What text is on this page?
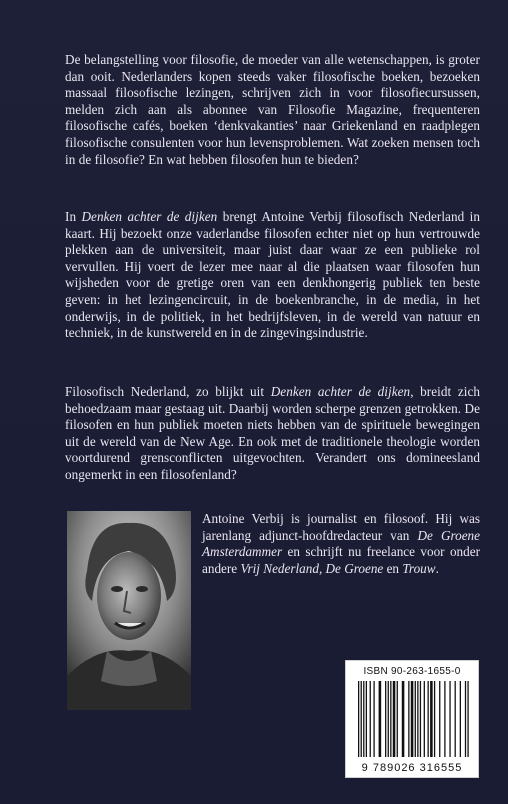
De belangstelling voor filosofie, de moeder van alle wetenschappen, is groter dan ooit. Nederlanders kopen steeds vaker filosofische boeken, bezoeken massaal filosofische lezingen, schrijven zich in voor filosofiecursussen, melden zich aan als abonnee van Filosofie Magazine, frequenteren filosofische cafés, boeken ‘denkvakanties’ naar Griekenland en raadplegen filosofische consulenten voor hun levensproblemen. Wat zoeken mensen toch in de filosofie? En wat hebben filosofen hun te bieden?

In Denken achter de dijken brengt Antoine Verbij filosofisch Nederland in kaart. Hij bezoekt onze vaderlandse filosofen echter niet op hun vertrouwde plekken aan de universiteit, maar juist daar waar ze een publieke rol vervullen. Hij voert de lezer mee naar al die plaatsen waar filosofen hun wijsheden voor de gretige oren van een denkhongerig publiek ten beste geven: in het lezingencircuit, in de boekenbranche, in de media, in het onderwijs, in de politiek, in het bedrijfsleven, in de wereld van natuur en techniek, in de kunstwereld en in de zingevingsindustrie.

Filosofisch Nederland, zo blijkt uit Denken achter de dijken, breidt zich behoedzaam maar gestaag uit. Daarbij worden scherpe grenzen getrokken. De filosofen en hun publiek moeten niets hebben van de spirituele bewegingen uit de wereld van de New Age. En ook met de traditionele theologie worden voortdurend grensconflicten uitgevochten. Verandert ons domineesland ongemerkt in een filosofenland?

Antoine Verbij is journalist en filosoof. Hij was jarenlang adjunct-hoofdredacteur van De Groene Amsterdammer en schrijft nu freelance voor onder andere Vrij Nederland, De Groene en Trouw.
ISBN 90-263-1655-0
9 789026 316555
